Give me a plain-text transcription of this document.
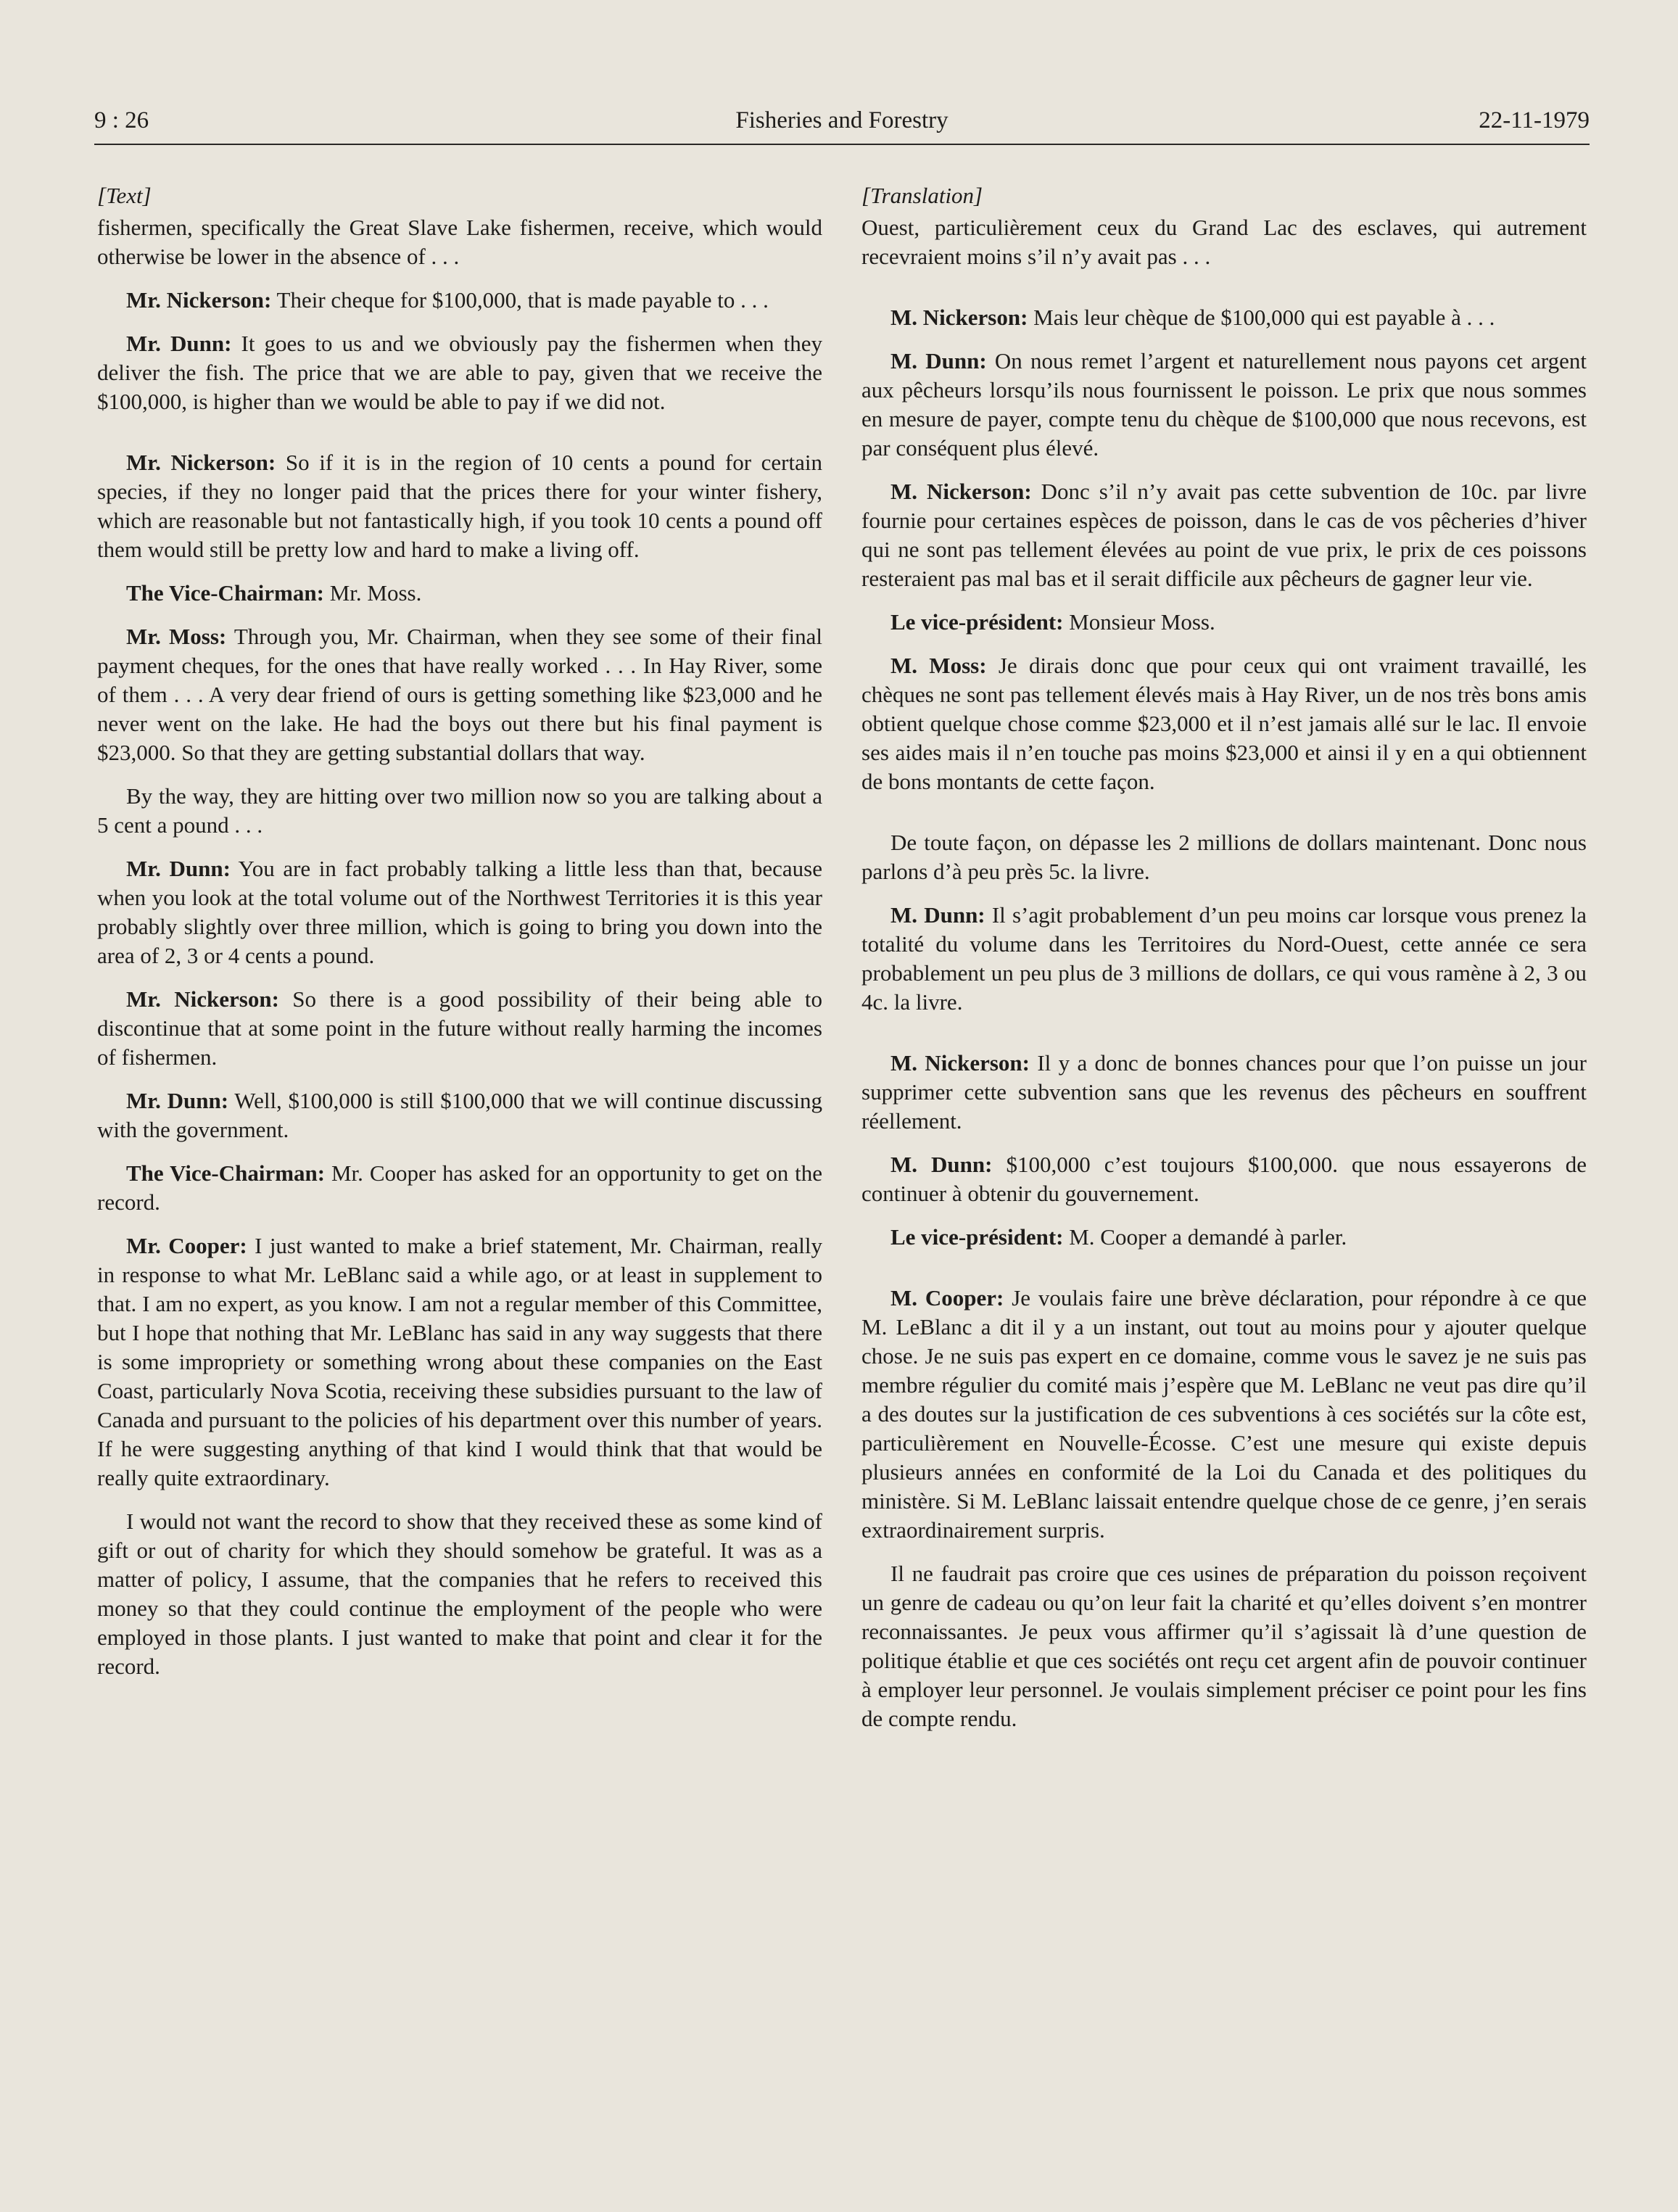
9 : 26	Fisheries and Forestry	22-11-1979
[Text]

fishermen, specifically the Great Slave Lake fishermen, receive, which would otherwise be lower in the absence of . . .

Mr. Nickerson: Their cheque for $100,000, that is made payable to . . .

Mr. Dunn: It goes to us and we obviously pay the fishermen when they deliver the fish. The price that we are able to pay, given that we receive the $100,000, is higher than we would be able to pay if we did not.

Mr. Nickerson: So if it is in the region of 10 cents a pound for certain species, if they no longer paid that the prices there for your winter fishery, which are reasonable but not fantastically high, if you took 10 cents a pound off them would still be pretty low and hard to make a living off.

The Vice-Chairman: Mr. Moss.

Mr. Moss: Through you, Mr. Chairman, when they see some of their final payment cheques, for the ones that have really worked . . . In Hay River, some of them . . . A very dear friend of ours is getting something like $23,000 and he never went on the lake. He had the boys out there but his final payment is $23,000. So that they are getting substantial dollars that way.

By the way, they are hitting over two million now so you are talking about a 5 cent a pound . . .

Mr. Dunn: You are in fact probably talking a little less than that, because when you look at the total volume out of the Northwest Territories it is this year probably slightly over three million, which is going to bring you down into the area of 2, 3 or 4 cents a pound.

Mr. Nickerson: So there is a good possibility of their being able to discontinue that at some point in the future without really harming the incomes of fishermen.

Mr. Dunn: Well, $100,000 is still $100,000 that we will continue discussing with the government.

The Vice-Chairman: Mr. Cooper has asked for an opportunity to get on the record.

Mr. Cooper: I just wanted to make a brief statement, Mr. Chairman, really in response to what Mr. LeBlanc said a while ago, or at least in supplement to that. I am no expert, as you know. I am not a regular member of this Committee, but I hope that nothing that Mr. LeBlanc has said in any way suggests that there is some impropriety or something wrong about these companies on the East Coast, particularly Nova Scotia, receiving these subsidies pursuant to the law of Canada and pursuant to the policies of his department over this number of years. If he were suggesting anything of that kind I would think that that would be really quite extraordinary.

I would not want the record to show that they received these as some kind of gift or out of charity for which they should somehow be grateful. It was as a matter of policy, I assume, that the companies that he refers to received this money so that they could continue the employment of the people who were employed in those plants. I just wanted to make that point and clear it for the record.

[Translation]

Ouest, particulièrement ceux du Grand Lac des esclaves, qui autrement recevraient moins s’il n’y avait pas . . .

M. Nickerson: Mais leur chèque de $100,000 qui est payable à . . .

M. Dunn: On nous remet l’argent et naturellement nous payons cet argent aux pêcheurs lorsqu’ils nous fournissent le poisson. Le prix que nous sommes en mesure de payer, compte tenu du chèque de $100,000 que nous recevons, est par conséquent plus élevé.

M. Nickerson: Donc s’il n’y avait pas cette subvention de 10c. par livre fournie pour certaines espèces de poisson, dans le cas de vos pêcheries d’hiver qui ne sont pas tellement élevées au point de vue prix, le prix de ces poissons resteraient pas mal bas et il serait difficile aux pêcheurs de gagner leur vie.

Le vice-président: Monsieur Moss.

M. Moss: Je dirais donc que pour ceux qui ont vraiment travaillé, les chèques ne sont pas tellement élevés mais à Hay River, un de nos très bons amis obtient quelque chose comme $23,000 et il n’est jamais allé sur le lac. Il envoie ses aides mais il n’en touche pas moins $23,000 et ainsi il y en a qui obtiennent de bons montants de cette façon.

De toute façon, on dépasse les 2 millions de dollars maintenant. Donc nous parlons d’à peu près 5c. la livre.

M. Dunn: Il s’agit probablement d’un peu moins car lorsque vous prenez la totalité du volume dans les Territoires du Nord-Ouest, cette année ce sera probablement un peu plus de 3 millions de dollars, ce qui vous ramène à 2, 3 ou 4c. la livre.

M. Nickerson: Il y a donc de bonnes chances pour que l’on puisse un jour supprimer cette subvention sans que les revenus des pêcheurs en souffrent réellement.

M. Dunn: $100,000 c’est toujours $100,000. que nous essayerons de continuer à obtenir du gouvernement.

Le vice-président: M. Cooper a demandé à parler.

M. Cooper: Je voulais faire une brève déclaration, pour répondre à ce que M. LeBlanc a dit il y a un instant, out tout au moins pour y ajouter quelque chose. Je ne suis pas expert en ce domaine, comme vous le savez je ne suis pas membre régulier du comité mais j’espère que M. LeBlanc ne veut pas dire qu’il a des doutes sur la justification de ces subventions à ces sociétés sur la côte est, particulièrement en Nouvelle-Écosse. C’est une mesure qui existe depuis plusieurs années en conformité de la Loi du Canada et des politiques du ministère. Si M. LeBlanc laissait entendre quelque chose de ce genre, j’en serais extraordinairement surpris.

Il ne faudrait pas croire que ces usines de préparation du poisson reçoivent un genre de cadeau ou qu’on leur fait la charité et qu’elles doivent s’en montrer reconnaissantes. Je peux vous affirmer qu’il s’agissait là d’une question de politique établie et que ces sociétés ont reçu cet argent afin de pouvoir continuer à employer leur personnel. Je voulais simplement préciser ce point pour les fins de compte rendu.
